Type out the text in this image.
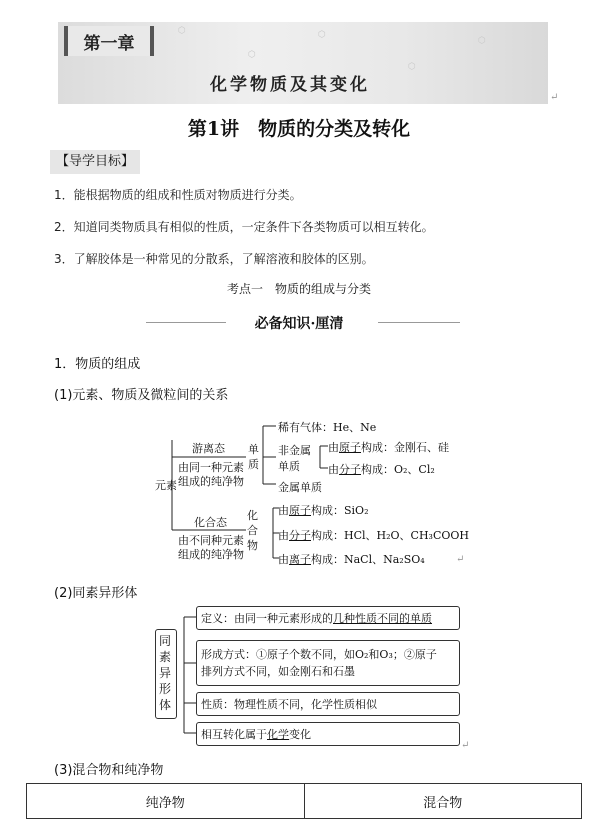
⬡
⬡
⬡
⬡
⬡
第一章
化学物质及其变化
↵
第1讲　物质的分类及转化
【导学目标】
1．能根据物质的组成和性质对物质进行分类。
2．知道同类物质具有相似的性质，一定条件下各类物质可以相互转化。
3．了解胶体是一种常见的分散系，了解溶液和胶体的区别。
考点一　物质的组成与分类
必备知识·厘清
1．物质的组成
(1)元素、物质及微粒间的关系
元素
游离态
由同一种元素
组成的纯净物
单质
稀有气体：He、Ne
非金属
单质
由原子构成：金刚石、硅
由分子构成：O₂、Cl₂
金属单质
化合态
由不同种元素
组成的纯净物
化合物
由原子构成：SiO₂
由分子构成：HCl、H₂O、CH₃COOH
由离子构成：NaCl、Na₂SO₄	↵
(2)同素异形体
同素异形体
定义：由同一种元素形成的几种性质不同的单质
形成方式：①原子个数不同，如O₂和O₃；②原子
排列方式不同，如金刚石和石墨
性质：物理性质不同，化学性质相似
相互转化属于化学变化
↵
(3)混合物和纯净物
纯净物	混合物
